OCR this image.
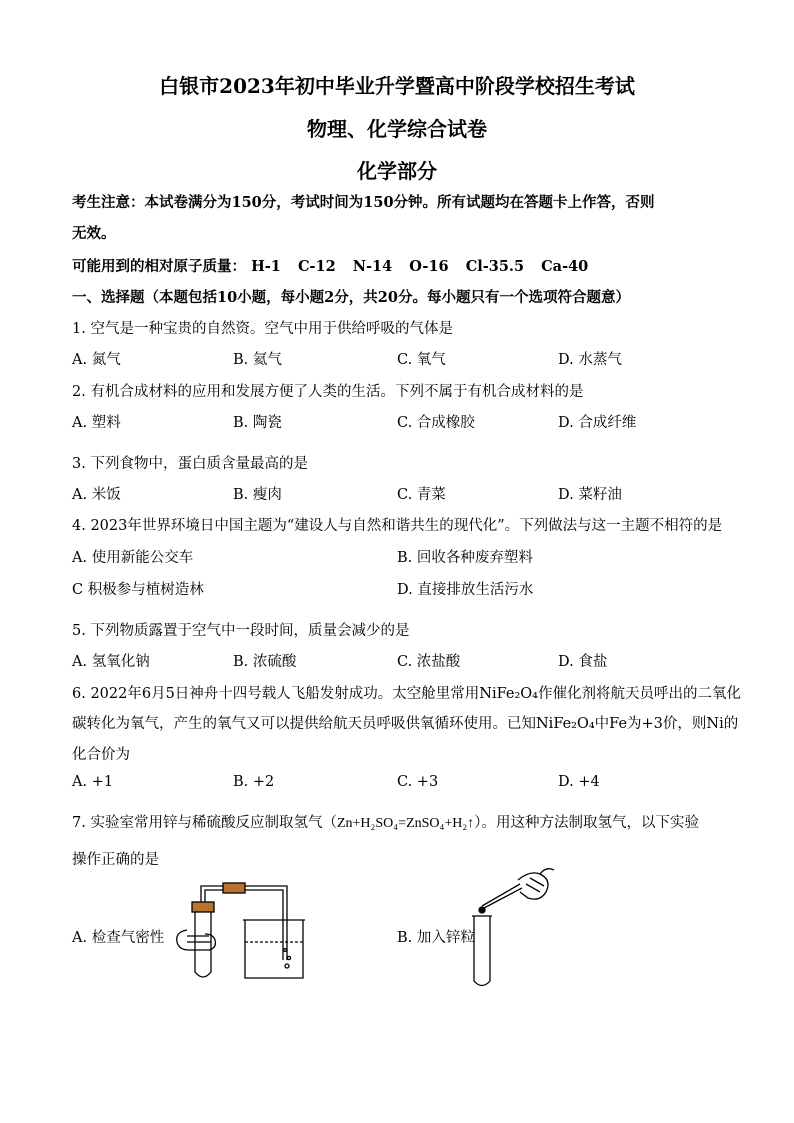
白银市2023年初中毕业升学暨高中阶段学校招生考试
物理、化学综合试卷
化学部分
考生注意：本试卷满分为150分，考试时间为150分钟。所有试题均在答题卡上作答，否则
无效。
可能用到的相对原子质量： H-1 C-12 N-14 O-16 Cl-35.5 Ca-40
一、选择题（本题包括10小题，每小题2分，共20分。每小题只有一个选项符合题意）
1. 空气是一种宝贵的自然资。空气中用于供给呼吸的气体是
A. 氮气	B. 氦气	C. 氧气	D. 水蒸气
2. 有机合成材料的应用和发展方便了人类的生活。下列不属于有机合成材料的是
A. 塑料	B. 陶瓷	C. 合成橡胶	D. 合成纤维
3. 下列食物中，蛋白质含量最高的是
A. 米饭	B. 瘦肉	C. 青菜	D. 菜籽油
4. 2023年世界环境日中国主题为“建设人与自然和谐共生的现代化”。下列做法与这一主题不相符的是
A. 使用新能公交车	B. 回收各种废弃塑料
C 积极参与植树造林	D. 直接排放生活污水
5. 下列物质露置于空气中一段时间，质量会减少的是
A. 氢氧化钠	B. 浓硫酸	C. 浓盐酸	D. 食盐
6. 2022年6月5日神舟十四号载人飞船发射成功。太空舱里常用NiFe₂O₄作催化剂将航天员呼出的二氧化
碳转化为氧气，产生的氧气又可以提供给航天员呼吸供氧循环使用。已知NiFe₂O₄中Fe为+3价，则Ni的
化合价为
A. +1	B. +2	C. +3	D. +4
7. 实验室常用锌与稀硫酸反应制取氢气（Zn+H₂SO₄=ZnSO₄+H₂↑）。用这种方法制取氢气，以下实验
操作正确的是
A. 检查气密性	B. 加入锌粒
